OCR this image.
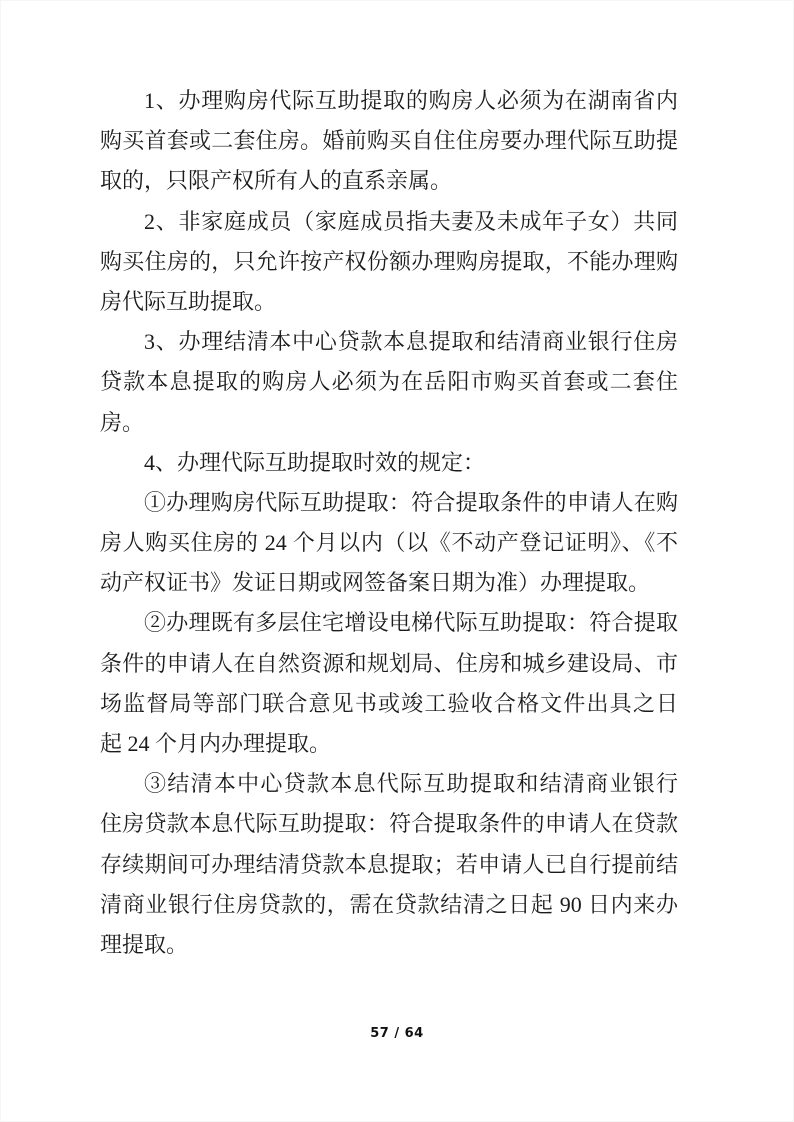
1、办理购房代际互助提取的购房人必须为在湖南省内
购买首套或二套住房。婚前购买自住住房要办理代际互助提
取的，只限产权所有人的直系亲属。
2、非家庭成员（家庭成员指夫妻及未成年子女）共同
购买住房的，只允许按产权份额办理购房提取，不能办理购
房代际互助提取。
3、办理结清本中心贷款本息提取和结清商业银行住房
贷款本息提取的购房人必须为在岳阳市购买首套或二套住
房。
4、办理代际互助提取时效的规定：
①办理购房代际互助提取：符合提取条件的申请人在购
房人购买住房的 24 个月以内（以《不动产登记证明》、《不
动产权证书》发证日期或网签备案日期为准）办理提取。
②办理既有多层住宅增设电梯代际互助提取：符合提取
条件的申请人在自然资源和规划局、住房和城乡建设局、市
场监督局等部门联合意见书或竣工验收合格文件出具之日
起 24 个月内办理提取。
③结清本中心贷款本息代际互助提取和结清商业银行
住房贷款本息代际互助提取：符合提取条件的申请人在贷款
存续期间可办理结清贷款本息提取；若申请人已自行提前结
清商业银行住房贷款的，需在贷款结清之日起 90 日内来办
理提取。
57 / 64
